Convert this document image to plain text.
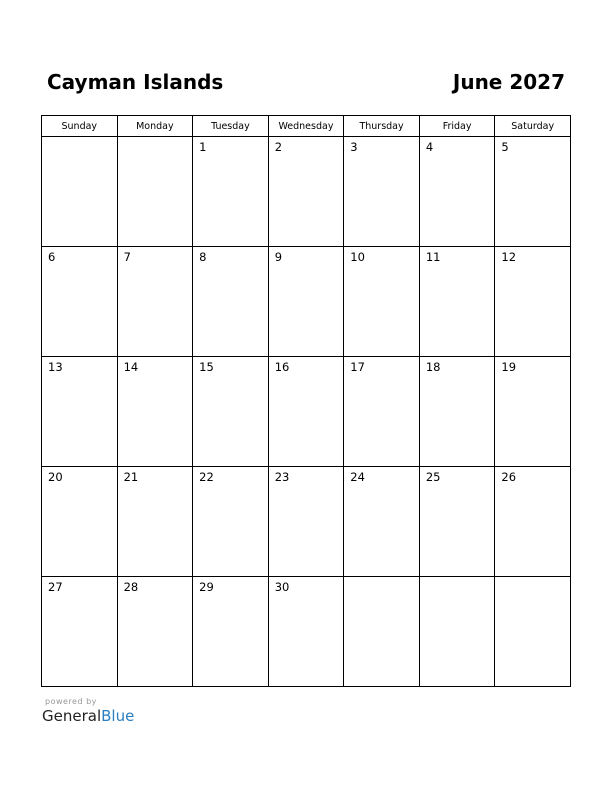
Cayman Islands	June 2027
Sunday	Monday	Tuesday	Wednesday	Thursday	Friday	Saturday

		1	2	3	4	5

6	7	8	9	10	11	12

13	14	15	16	17	18	19

20	21	22	23	24	25	26

27	28	29	30			

powered by
GeneralBlue
